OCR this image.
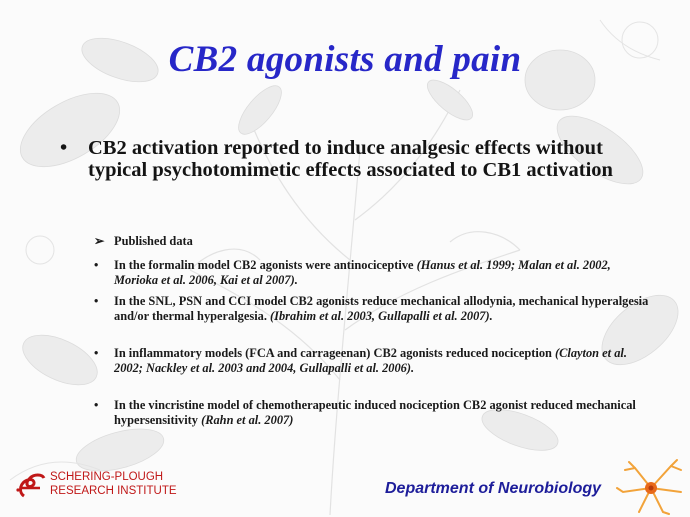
CB2 agonists and pain
• CB2 activation reported to induce analgesic effects without typical psychotomimetic effects associated to CB1 activation
➢ Published data
• In the formalin model CB2 agonists were antinociceptive (Hanus et al. 1999; Malan et al. 2002, Morioka et al. 2006, Kai et al 2007).
• In the SNL, PSN and CCI model CB2 agonists reduce mechanical allodynia, mechanical hyperalgesia and/or thermal hyperalgesia. (Ibrahim et al. 2003, Gullapalli et al. 2007).
• In inflammatory models (FCA and carrageenan) CB2 agonists reduced nociception (Clayton et al. 2002; Nackley et al. 2003 and 2004, Gullapalli et al. 2006).
• In the vincristine model of chemotherapeutic induced nociception CB2 agonist reduced mechanical hypersensitivity (Rahn et al. 2007)
SCHERING-PLOUGH
RESEARCH INSTITUTE	Department of Neurobiology
